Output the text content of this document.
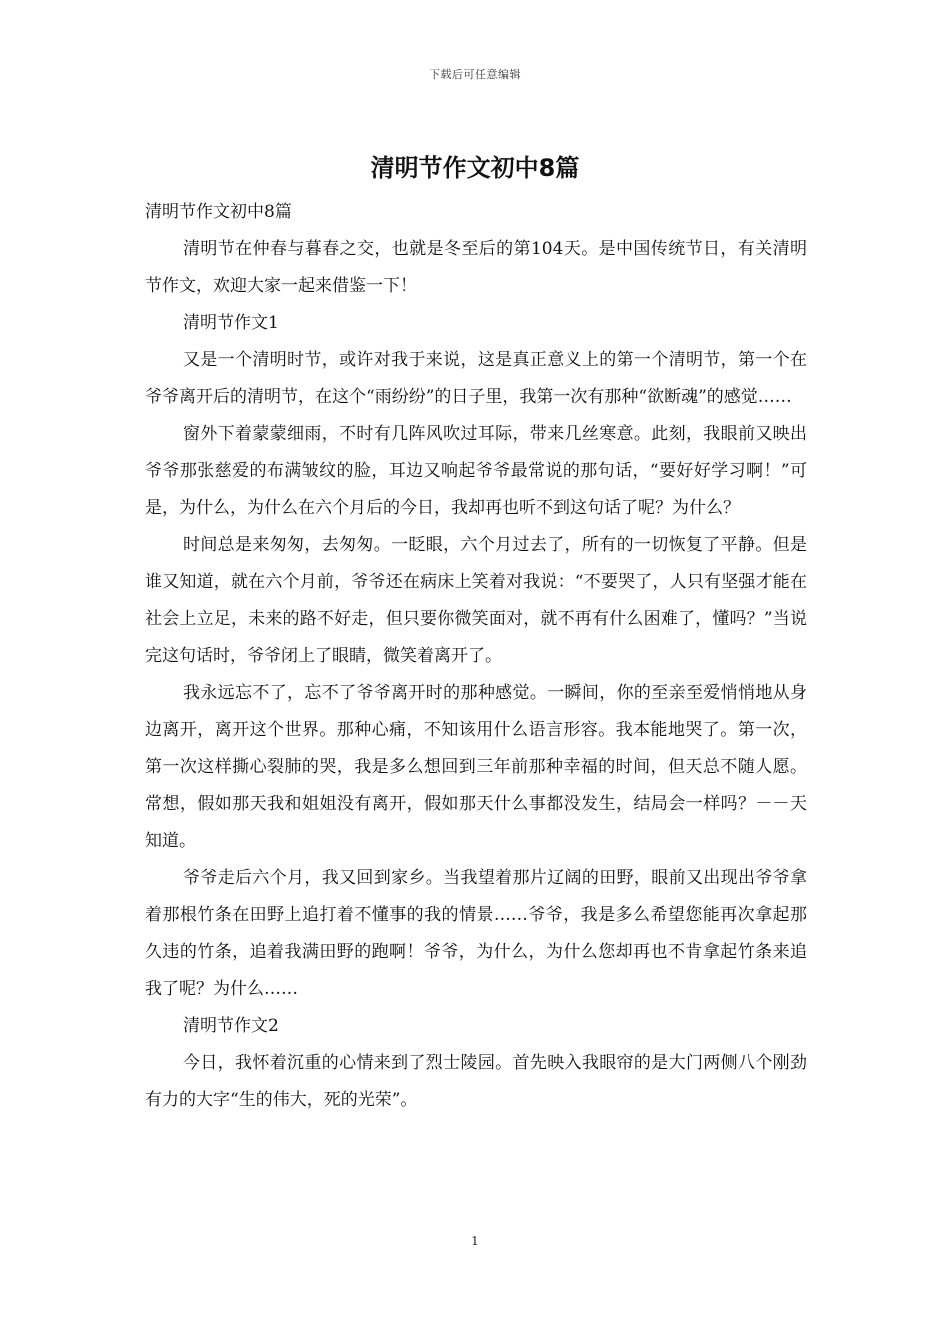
下载后可任意编辑
清明节作文初中8篇

清明节作文初中8篇

清明节在仲春与暮春之交，也就是冬至后的第104天。是中国传统节日，有关清明节作文，欢迎大家一起来借鉴一下！

清明节作文1

又是一个清明时节，或许对我于来说，这是真正意义上的第一个清明节，第一个在爷爷离开后的清明节，在这个“雨纷纷”的日子里，我第一次有那种“欲断魂”的感觉……

窗外下着蒙蒙细雨，不时有几阵风吹过耳际，带来几丝寒意。此刻，我眼前又映出爷爷那张慈爱的布满皱纹的脸，耳边又响起爷爷最常说的那句话，“要好好学习啊！”可是，为什么，为什么在六个月后的今日，我却再也听不到这句话了呢？为什么？

时间总是来匆匆，去匆匆。一眨眼，六个月过去了，所有的一切恢复了平静。但是谁又知道，就在六个月前，爷爷还在病床上笑着对我说：“不要哭了，人只有坚强才能在社会上立足，未来的路不好走，但只要你微笑面对，就不再有什么困难了，懂吗？”当说完这句话时，爷爷闭上了眼睛，微笑着离开了。

我永远忘不了，忘不了爷爷离开时的那种感觉。一瞬间，你的至亲至爱悄悄地从身边离开，离开这个世界。那种心痛，不知该用什么语言形容。我本能地哭了。第一次，第一次这样撕心裂肺的哭，我是多么想回到三年前那种幸福的时间，但天总不随人愿。常想，假如那天我和姐姐没有离开，假如那天什么事都没发生，结局会一样吗？－－天知道。

爷爷走后六个月，我又回到家乡。当我望着那片辽阔的田野，眼前又出现出爷爷拿着那根竹条在田野上追打着不懂事的我的情景……爷爷，我是多么希望您能再次拿起那久违的竹条，追着我满田野的跑啊！爷爷，为什么，为什么您却再也不肯拿起竹条来追我了呢？为什么……

清明节作文2

今日，我怀着沉重的心情来到了烈士陵园。首先映入我眼帘的是大门两侧八个刚劲有力的大字“生的伟大，死的光荣”。

1
